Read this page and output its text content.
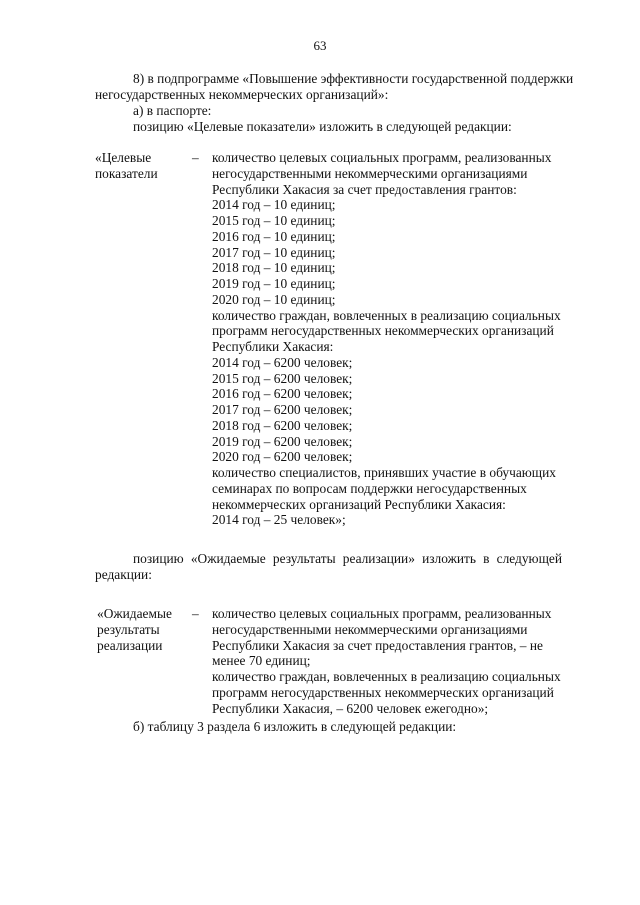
63
8) в подпрограмме «Повышение эффективности государственной поддержки
негосударственных некоммерческих организаций»:
а) в паспорте:
позицию «Целевые показатели» изложить в следующей редакции:
«Целевые
показатели
– количество целевых социальных программ, реализованных
негосударственными некоммерческими организациями
Республики Хакасия за счет предоставления грантов:
2014 год – 10 единиц;
2015 год – 10 единиц;
2016 год – 10 единиц;
2017 год – 10 единиц;
2018 год – 10 единиц;
2019 год – 10 единиц;
2020 год – 10 единиц;
количество граждан, вовлеченных в реализацию социальных
программ негосударственных некоммерческих организаций
Республики Хакасия:
2014 год – 6200 человек;
2015 год – 6200 человек;
2016 год – 6200 человек;
2017 год – 6200 человек;
2018 год – 6200 человек;
2019 год – 6200 человек;
2020 год – 6200 человек;
количество специалистов, принявших участие в обучающих
семинарах по вопросам поддержки негосударственных
некоммерческих организаций Республики Хакасия:
2014 год – 25 человек»;
позицию «Ожидаемые результаты реализации» изложить в следующей
редакции:
«Ожидаемые
результаты
реализации
– количество целевых социальных программ, реализованных
негосударственными некоммерческими организациями
Республики Хакасия за счет предоставления грантов, – не
менее 70 единиц;
количество граждан, вовлеченных в реализацию социальных
программ негосударственных некоммерческих организаций
Республики Хакасия, – 6200 человек ежегодно»;
б) таблицу 3 раздела 6 изложить в следующей редакции:
